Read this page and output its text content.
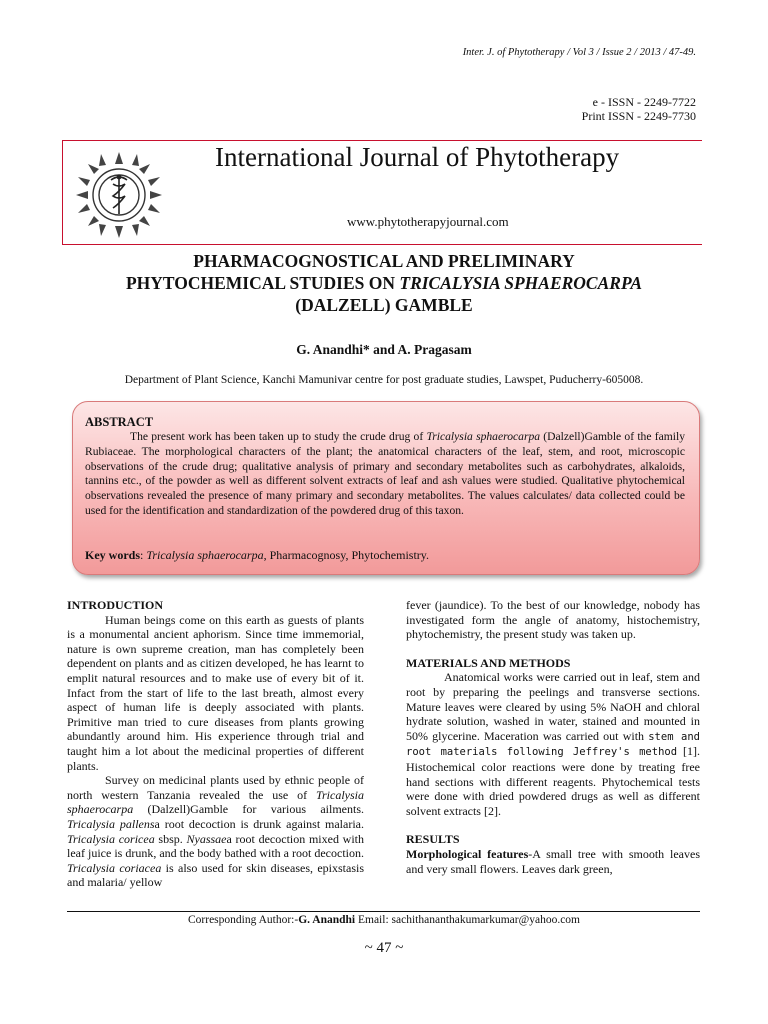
Inter. J. of Phytotherapy / Vol 3 / Issue 2 / 2013 / 47-49.
e - ISSN - 2249-7722
Print ISSN - 2249-7730
International Journal of Phytotherapy
www.phytotherapyjournal.com
PHARMACOGNOSTICAL AND PRELIMINARY
PHYTOCHEMICAL STUDIES ON TRICALYSIA SPHAEROCARPA
(DALZELL) GAMBLE
G. Anandhi* and A. Pragasam
Department of Plant Science, Kanchi Mamunivar centre for post graduate studies, Lawspet, Puducherry-605008.
ABSTRACT
The present work has been taken up to study the crude drug of Tricalysia sphaerocarpa (Dalzell)Gamble of the family Rubiaceae. The morphological characters of the plant; the anatomical characters of the leaf, stem, and root, microscopic observations of the crude drug; qualitative analysis of primary and secondary metabolites such as carbohydrates, alkaloids, tannins etc., of the powder as well as different solvent extracts of leaf and ash values were studied. Qualitative phytochemical observations revealed the presence of many primary and secondary metabolites. The values calculates/ data collected could be used for the identification and standardization of the powdered drug of this taxon.
Key words: Tricalysia sphaerocarpa, Pharmacognosy, Phytochemistry.
INTRODUCTION

Human beings come on this earth as guests of plants is a monumental ancient aphorism. Since time immemorial, nature is own supreme creation, man has completely been dependent on plants and as citizen developed, he has learnt to emplit natural resources and to make use of every bit of it. Infact from the start of life to the last breath, almost every aspect of human life is deeply associated with plants. Primitive man tried to cure diseases from plants growing abundantly around him. His experience through trial and taught him a lot about the medicinal properties of different plants.

Survey on medicinal plants used by ethnic people of north western Tanzania revealed the use of Tricalysia sphaerocarpa (Dalzell)Gamble for various ailments. Tricalysia pallensa root decoction is drunk against malaria. Tricalysia coricea sbsp. Nyassaea root decoction mixed with leaf juice is drunk, and the body bathed with a root decoction. Tricalysia coriacea is also used for skin diseases, epixstasis and malaria/ yellow

fever (jaundice). To the best of our knowledge, nobody has investigated form the angle of anatomy, histochemistry, phytochemistry, the present study was taken up.

MATERIALS AND METHODS

Anatomical works were carried out in leaf, stem and root by preparing the peelings and transverse sections. Mature leaves were cleared by using 5% NaOH and chloral hydrate solution, washed in water, stained and mounted in 50% glycerine. Maceration was carried out with stem and root materials following Jeffrey's method [1]. Histochemical color reactions were done by treating free hand sections with different reagents. Phytochemical tests were done with dried powdered drugs as well as different solvent extracts [2].

RESULTS

Morphological features-A small tree with smooth leaves and very small flowers. Leaves dark green,

Corresponding Author:-G. Anandhi Email: sachithananthakumarkumar@yahoo.com
~ 47 ~
